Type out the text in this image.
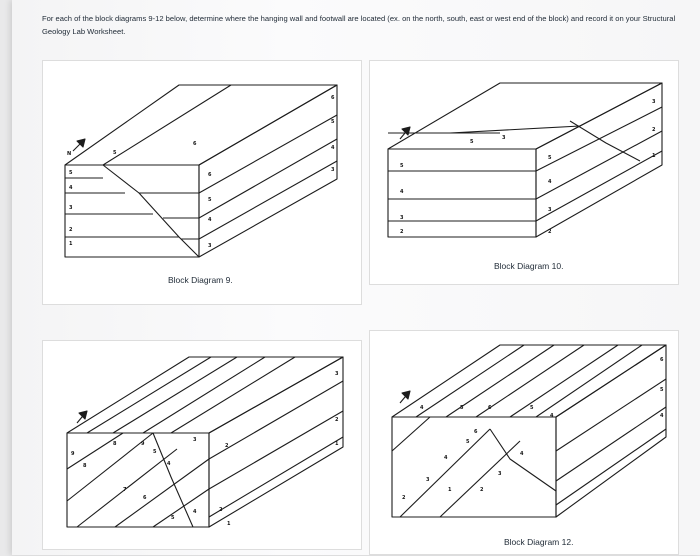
For each of the block diagrams 9-12 below, determine where the hanging wall and footwall are located (ex. on the north, south, east or west end of the block) and record it on your Structural Geology Lab Worksheet.
5
4
3
2
1
5
6
6
5
4
3
6
5
4
3
N
Block Diagram 9.
5
4
3
2
3
5
5
4
3
2
3
2
1
Block Diagram 10.
9
8
8	9
5
4
3
7
6
5
4
2
2
1
3
2
1
4	5	6	5
4
6
5
4
3
2
1	2
3
4
6
5
4
Block Diagram 12.
